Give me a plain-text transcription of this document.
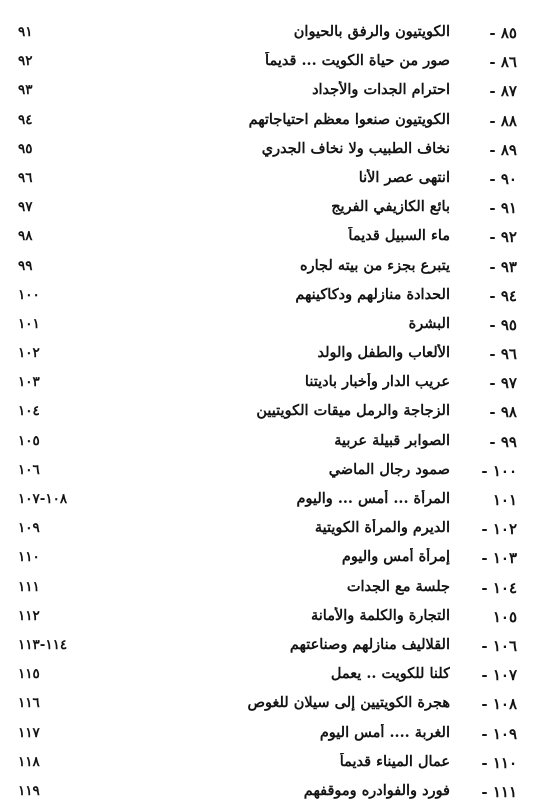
٨٥ -
الكويتيون والرفق بالحيوان
٩١
٨٦ -
صور من حياة الكويت ... قديماً
٩٢
٨٧ -
احترام الجدات والأجداد
٩٣
٨٨ -
الكويتيون صنعوا معظم احتياجاتهم
٩٤
٨٩ -
نخاف الطبيب ولا نخاف الجدري
٩٥
٩٠ -
انتهى عصر الأنا
٩٦
٩١ -
بائع الكازيفي الفريج
٩٧
٩٢ -
ماء السبيل قديماً
٩٨
٩٣ -
يتبرع بجزء من بيته لجاره
٩٩
٩٤ -
الحدادة منازلهم ودكاكينهم
١٠٠
٩٥ -
البشرة
١٠١
٩٦ -
الألعاب والطفل والولد
١٠٢
٩٧ -
عريب الدار وأخبار باديتنا
١٠٣
٩٨ -
الزجاجة والرمل ميقات الكويتيين
١٠٤
٩٩ -
الصوابر قبيلة عربية
١٠٥
١٠٠ -
صمود رجال الماضي
١٠٦
١٠١
المرأة ... أمس ... واليوم
١٠٨-١٠٧
١٠٢ -
الديرم والمرأة الكويتية
١٠٩
١٠٣ -
إمرأة أمس واليوم
١١٠
١٠٤ -
جلسة مع الجدات
١١١
١٠٥
التجارة والكلمة والأمانة
١١٢
١٠٦ -
القلاليف منازلهم وصناعتهم
١١٤-١١٣
١٠٧ -
كلنا للكويت .. يعمل
١١٥
١٠٨ -
هجرة الكويتيين إلى سيلان للغوص
١١٦
١٠٩ -
الغربة .... أمس اليوم
١١٧
١١٠ -
عمال الميناء قديماً
١١٨
١١١ -
فورد والفوادره وموقفهم
١١٩
